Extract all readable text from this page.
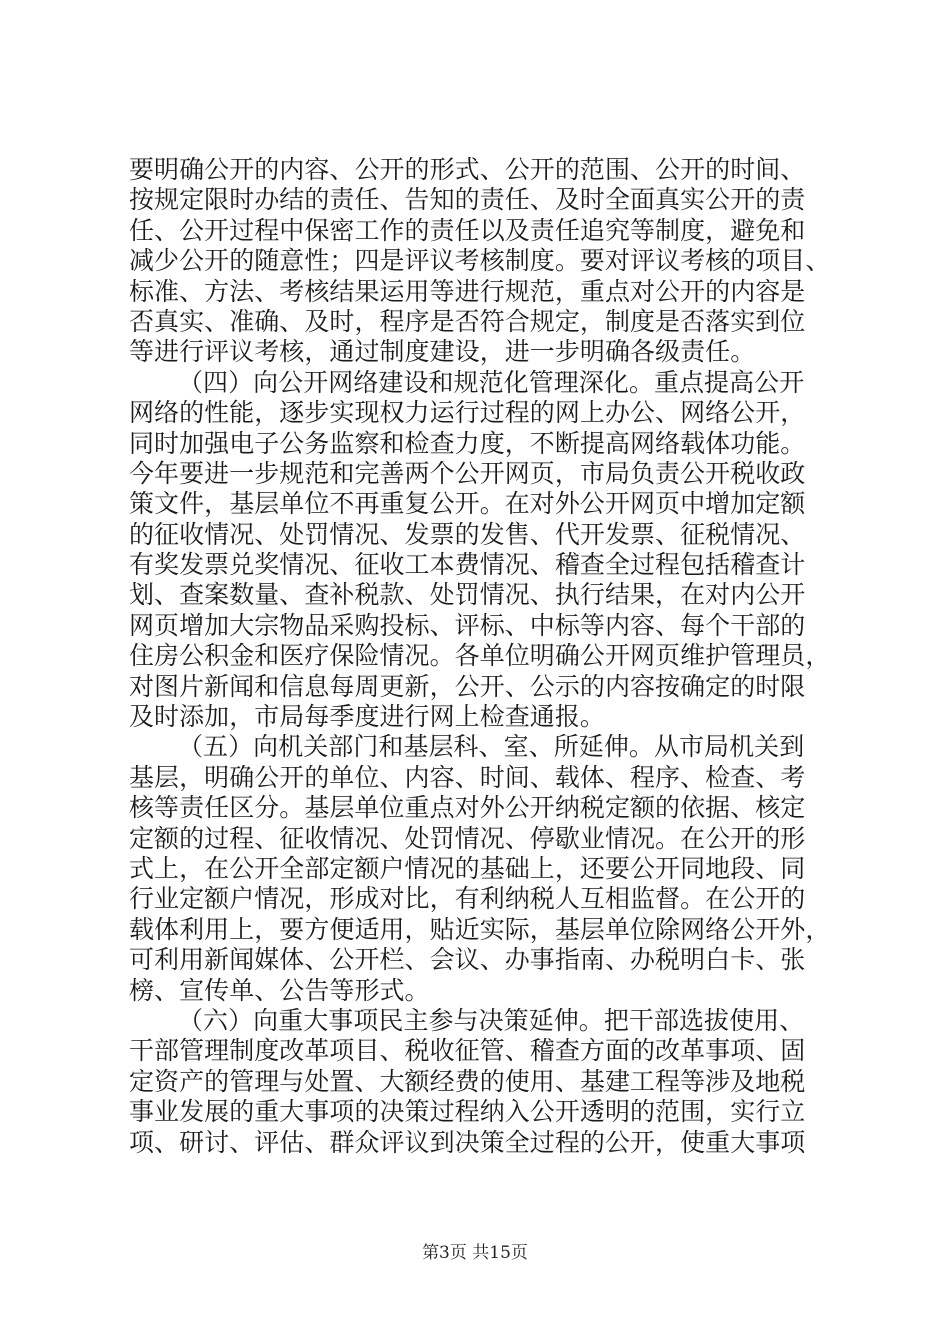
要明确公开的内容、公开的形式、公开的范围、公开的时间、
按规定限时办结的责任、告知的责任、及时全面真实公开的责
任、公开过程中保密工作的责任以及责任追究等制度，避免和
减少公开的随意性；四是评议考核制度。要对评议考核的项目、
标准、方法、考核结果运用等进行规范，重点对公开的内容是
否真实、准确、及时，程序是否符合规定，制度是否落实到位
等进行评议考核，通过制度建设，进一步明确各级责任。
（四）向公开网络建设和规范化管理深化。重点提高公开
网络的性能，逐步实现权力运行过程的网上办公、网络公开，
同时加强电子公务监察和检查力度，不断提高网络载体功能。
今年要进一步规范和完善两个公开网页，市局负责公开税收政
策文件，基层单位不再重复公开。在对外公开网页中增加定额
的征收情况、处罚情况、发票的发售、代开发票、征税情况、
有奖发票兑奖情况、征收工本费情况、稽查全过程包括稽查计
划、查案数量、查补税款、处罚情况、执行结果，在对内公开
网页增加大宗物品采购投标、评标、中标等内容、每个干部的
住房公积金和医疗保险情况。各单位明确公开网页维护管理员，
对图片新闻和信息每周更新，公开、公示的内容按确定的时限
及时添加，市局每季度进行网上检查通报。
（五）向机关部门和基层科、室、所延伸。从市局机关到
基层，明确公开的单位、内容、时间、载体、程序、检查、考
核等责任区分。基层单位重点对外公开纳税定额的依据、核定
定额的过程、征收情况、处罚情况、停歇业情况。在公开的形
式上，在公开全部定额户情况的基础上，还要公开同地段、同
行业定额户情况，形成对比，有利纳税人互相监督。在公开的
载体利用上，要方便适用，贴近实际，基层单位除网络公开外，
可利用新闻媒体、公开栏、会议、办事指南、办税明白卡、张
榜、宣传单、公告等形式。
（六）向重大事项民主参与决策延伸。把干部选拔使用、
干部管理制度改革项目、税收征管、稽查方面的改革事项、固
定资产的管理与处置、大额经费的使用、基建工程等涉及地税
事业发展的重大事项的决策过程纳入公开透明的范围，实行立
项、研讨、评估、群众评议到决策全过程的公开，使重大事项
第3页 共15页
